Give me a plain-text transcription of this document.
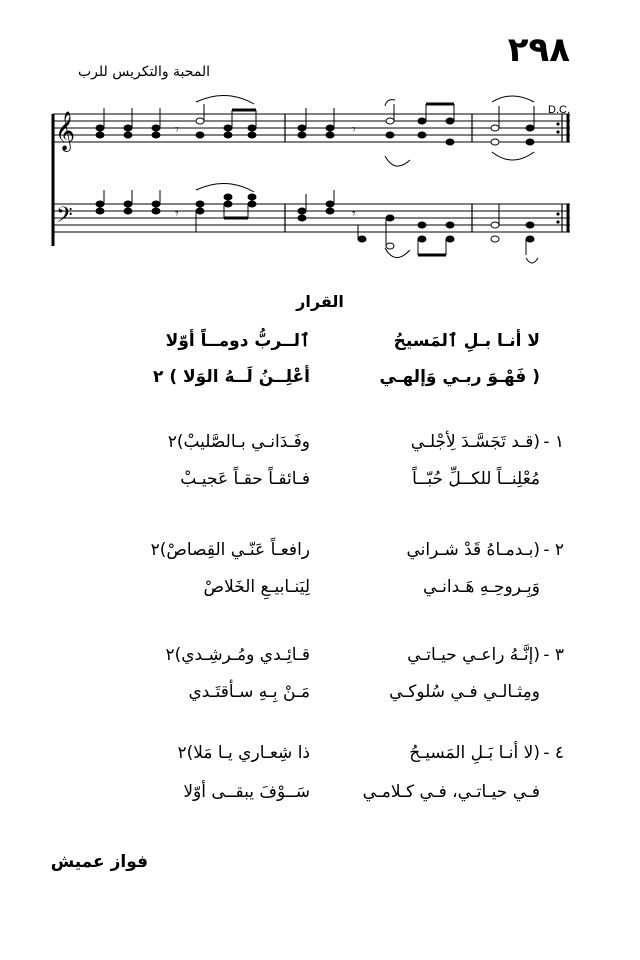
٢٩٨
المحبة والتكريس للرب
𝄞
𝄢
𝄾	𝄾
𝄾	𝄾
D.C.
القرار
لا أنـا بـلِ ٱلمَسيحُ
ٱلــربُّ دومــاً أوّلا
( فَهْـوَ ربـي وَإلهـي
أعْلِــنُ لَــهُ الوَلا ) ٢
١ -
(قـد تَجَسَّـدَ لِأجْلـي
وفَـدَانـي بـالصَّليبْ)٢
مُعْلِنــاً للكــلِّ حُبّــاً
فـائقـاً حقـاً عَجيـبْ
٢ -
(بـدمـاهُ قَدْ شـراني
رافعـاً عَنّـي القِصاصْ)٢
وَبِـروحِـهِ هَـدانـي
لِيَنـابيـعِ الخَلاصْ
٣ -
(إنَّـهُ راعـي حيـاتـي
قـائِـدي ومُـرشِـدي)٢
ومِثـالـي فـي سُلوكـي
مَـنْ بِـهِ سـأقتَـدي
٤ -
(لا أنـا بَـلِ المَسيـحُ
ذا شِعـاري يـا مَلا)٢
فـي حيـاتـي، فـي كـلامـي
سَــوْفَ يبقــى أوّلا
فواز عميش
